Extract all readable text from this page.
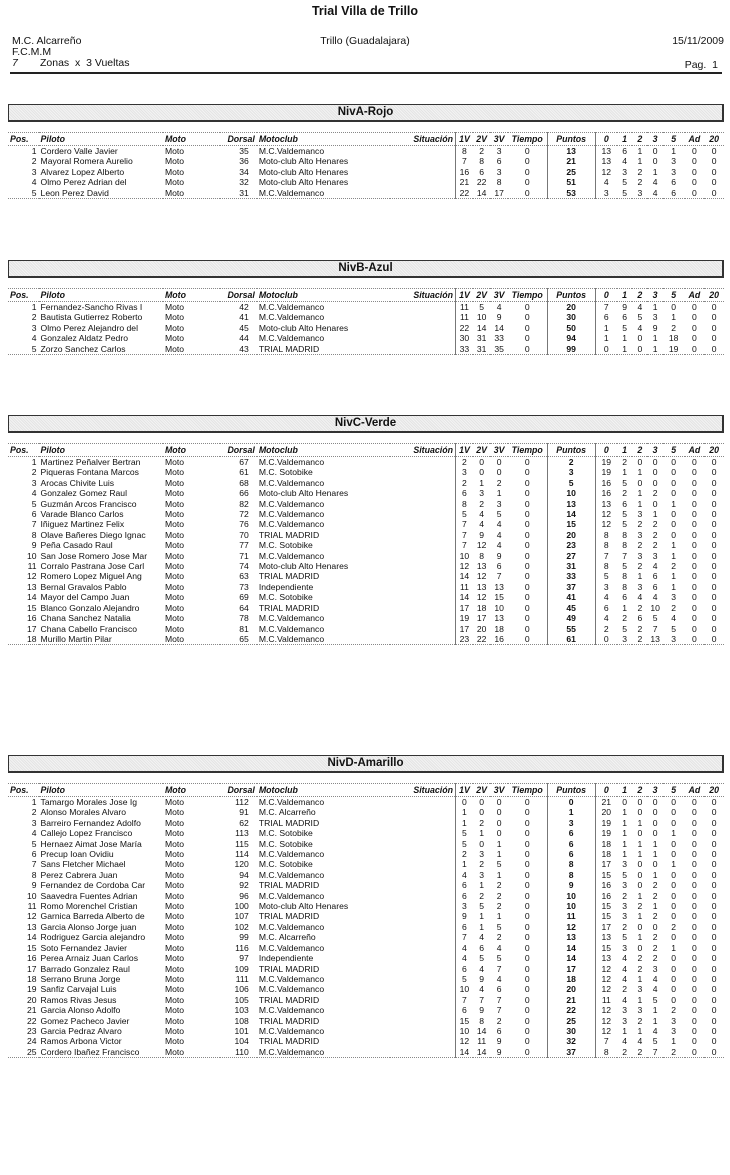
Trial Villa de Trillo
M.C. Alcarreño
F.C.M.M
7 Zonas  x  3 Vueltas
Trillo (Guadalajara)	15/11/2009
Pag.  1
NivA-Rojo
Pos.	Piloto	Moto	Dorsal	Motoclub	Situación	1V	2V	3V	Tiempo	Puntos	0	1	2	3	5	Ad	20
1	Cordero Valle Javier	Moto	35	M.C.Valdemanco		8	2	3	0	13	13	6	1	0	1	0	0
2	Mayoral Romera Aurelio	Moto	36	Moto-club Alto Henares		7	8	6	0	21	13	4	1	0	3	0	0
3	Alvarez Lopez Alberto	Moto	34	Moto-club Alto Henares		16	6	3	0	25	12	3	2	1	3	0	0
4	Olmo Perez Adrian del	Moto	32	Moto-club Alto Henares		21	22	8	0	51	4	5	2	4	6	0	0
5	Leon Perez David	Moto	31	M.C.Valdemanco		22	14	17	0	53	3	5	3	4	6	0	0
NivB-Azul
Pos.	Piloto	Moto	Dorsal	Motoclub	Situación	1V	2V	3V	Tiempo	Puntos	0	1	2	3	5	Ad	20
1	Fernandez-Sancho Rivas I	Moto	42	M.C.Valdemanco		11	5	4	0	20	7	9	4	1	0	0	0
2	Bautista Gutierrez Roberto	Moto	41	M.C.Valdemanco		11	10	9	0	30	6	6	5	3	1	0	0
3	Olmo Perez Alejandro del	Moto	45	Moto-club Alto Henares		22	14	14	0	50	1	5	4	9	2	0	0
4	Gonzalez Aldatz Pedro	Moto	44	M.C.Valdemanco		30	31	33	0	94	1	1	0	1	18	0	0
5	Zorzo Sanchez Carlos	Moto	43	TRIAL MADRID		33	31	35	0	99	0	1	0	1	19	0	0
NivC-Verde
Pos.	Piloto	Moto	Dorsal	Motoclub	Situación	1V	2V	3V	Tiempo	Puntos	0	1	2	3	5	Ad	20
1	Martinez Peñalver Bertran	Moto	67	M.C.Valdemanco		2	0	0	0	2	19	2	0	0	0	0	0
2	Piqueras Fontana Marcos	Moto	61	M.C. Sotobike		3	0	0	0	3	19	1	1	0	0	0	0
3	Arocas Chivite Luis	Moto	68	M.C.Valdemanco		2	1	2	0	5	16	5	0	0	0	0	0
4	Gonzalez Gomez Raul	Moto	66	Moto-club Alto Henares		6	3	1	0	10	16	2	1	2	0	0	0
5	Guzmán Arcos Francisco	Moto	82	M.C.Valdemanco		8	2	3	0	13	13	6	1	0	1	0	0
6	Varade Blanco Carlos	Moto	72	M.C.Valdemanco		5	4	5	0	14	12	5	3	1	0	0	0
7	Iñiguez Martinez Felix	Moto	76	M.C.Valdemanco		7	4	4	0	15	12	5	2	2	0	0	0
8	Olave Bañeres Diego Ignac	Moto	70	TRIAL MADRID		7	9	4	0	20	8	8	3	2	0	0	0
9	Peña Casado Raul	Moto	77	M.C. Sotobike		7	12	4	0	23	8	8	2	2	1	0	0
10	San Jose Romero Jose Mar	Moto	71	M.C.Valdemanco		10	8	9	0	27	7	7	3	3	1	0	0
11	Corralo Pastrana Jose Carl	Moto	74	Moto-club Alto Henares		12	13	6	0	31	8	5	2	4	2	0	0
12	Romero Lopez Miguel Ang	Moto	63	TRIAL MADRID		14	12	7	0	33	5	8	1	6	1	0	0
13	Bernal Gravalos Pablo	Moto	73	Independiente		11	13	13	0	37	3	8	3	6	1	0	0
14	Mayor del Campo Juan	Moto	69	M.C. Sotobike		14	12	15	0	41	4	6	4	4	3	0	0
15	Blanco Gonzalo Alejandro	Moto	64	TRIAL MADRID		17	18	10	0	45	6	1	2	10	2	0	0
16	Chana Sanchez Natalia	Moto	78	M.C.Valdemanco		19	17	13	0	49	4	2	6	5	4	0	0
17	Chana Cabello Francisco	Moto	81	M.C.Valdemanco		17	20	18	0	55	2	5	2	7	5	0	0
18	Murillo Martin Pilar	Moto	65	M.C.Valdemanco		23	22	16	0	61	0	3	2	13	3	0	0
NivD-Amarillo
Pos.	Piloto	Moto	Dorsal	Motoclub	Situación	1V	2V	3V	Tiempo	Puntos	0	1	2	3	5	Ad	20
1	Tamargo Morales Jose Ig	Moto	112	M.C.Valdemanco		0	0	0	0	0	21	0	0	0	0	0	0
2	Alonso Morales Alvaro	Moto	91	M.C. Alcarreño		1	0	0	0	1	20	1	0	0	0	0	0
3	Barreiro Fernandez Adolfo	Moto	62	TRIAL MADRID		1	2	0	0	3	19	1	1	0	0	0	0
4	Callejo Lopez Francisco	Moto	113	M.C. Sotobike		5	1	0	0	6	19	1	0	0	1	0	0
5	Hernaez Aimat Jose María	Moto	115	M.C. Sotobike		5	0	1	0	6	18	1	1	1	0	0	0
6	Precup Ioan Ovidiu	Moto	114	M.C.Valdemanco		2	3	1	0	6	18	1	1	1	0	0	0
7	Sans Fletcher Michael	Moto	120	M.C. Sotobike		1	2	5	0	8	17	3	0	0	1	0	0
8	Perez Cabrera Juan	Moto	94	M.C.Valdemanco		4	3	1	0	8	15	5	0	1	0	0	0
9	Fernandez de Cordoba Car	Moto	92	TRIAL MADRID		6	1	2	0	9	16	3	0	2	0	0	0
10	Saavedra Fuentes Adrian	Moto	96	M.C.Valdemanco		6	2	2	0	10	16	2	1	2	0	0	0
11	Romo Morenchel Cristian	Moto	100	Moto-club Alto Henares		3	5	2	0	10	15	3	2	1	0	0	0
12	Garnica Barreda Alberto de	Moto	107	TRIAL MADRID		9	1	1	0	11	15	3	1	2	0	0	0
13	Garcia Alonso Jorge juan	Moto	102	M.C.Valdemanco		6	1	5	0	12	17	2	0	0	2	0	0
14	Rodriguez Garcia alejandro	Moto	99	M.C. Alcarreño		7	4	2	0	13	13	5	1	2	0	0	0
15	Soto Fernandez Javier	Moto	116	M.C.Valdemanco		4	6	4	0	14	15	3	0	2	1	0	0
16	Perea Arnaiz Juan Carlos	Moto	97	Independiente		4	5	5	0	14	13	4	2	2	0	0	0
17	Barrado Gonzalez Raul	Moto	109	TRIAL MADRID		6	4	7	0	17	12	4	2	3	0	0	0
18	Serrano Bruna Jorge	Moto	111	M.C.Valdemanco		5	9	4	0	18	12	4	1	4	0	0	0
19	Sanfiz Carvajal Luis	Moto	106	M.C.Valdemanco		10	4	6	0	20	12	2	3	4	0	0	0
20	Ramos Rivas Jesus	Moto	105	TRIAL MADRID		7	7	7	0	21	11	4	1	5	0	0	0
21	Garcia Alonso Adolfo	Moto	103	M.C.Valdemanco		6	9	7	0	22	12	3	3	1	2	0	0
22	Gomez Pacheco Javier	Moto	108	TRIAL MADRID		15	8	2	0	25	12	3	2	1	3	0	0
23	Garcia Pedraz Alvaro	Moto	101	M.C.Valdemanco		10	14	6	0	30	12	1	1	4	3	0	0
24	Ramos Arbona Victor	Moto	104	TRIAL MADRID		12	11	9	0	32	7	4	4	5	1	0	0
25	Cordero Ibañez Francisco	Moto	110	M.C.Valdemanco		14	14	9	0	37	8	2	2	7	2	0	0
